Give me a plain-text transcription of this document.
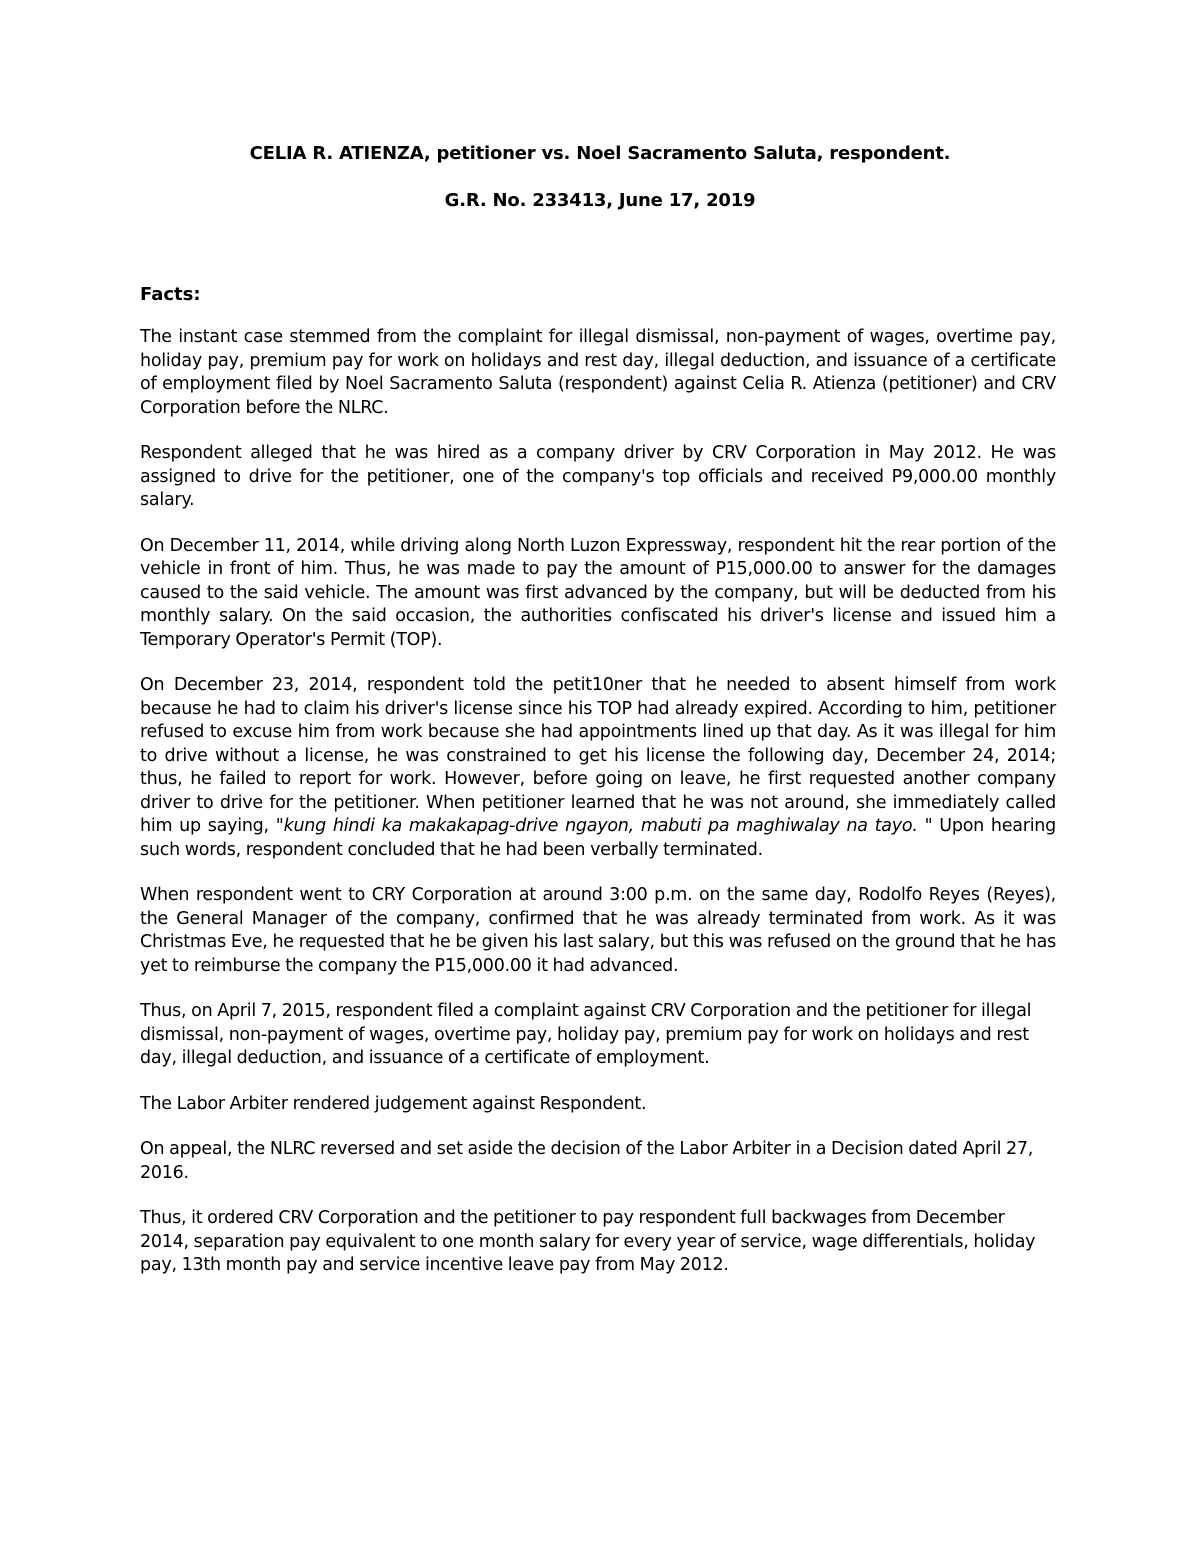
CELIA R. ATIENZA, petitioner vs. Noel Sacramento Saluta, respondent.
G.R. No. 233413, June 17, 2019
Facts:

The instant case stemmed from the complaint for illegal dismissal, non-payment of wages, overtime pay, holiday pay, premium pay for work on holidays and rest day, illegal deduction, and issuance of a certificate of employment filed by Noel Sacramento Saluta (respondent) against Celia R. Atienza (petitioner) and CRV Corporation before the NLRC.

Respondent alleged that he was hired as a company driver by CRV Corporation in May 2012. He was assigned to drive for the petitioner, one of the company's top officials and received P9,000.00 monthly salary.

On December 11, 2014, while driving along North Luzon Expressway, respondent hit the rear portion of the vehicle in front of him. Thus, he was made to pay the amount of P15,000.00 to answer for the damages caused to the said vehicle. The amount was first advanced by the company, but will be deducted from his monthly salary. On the said occasion, the authorities confiscated his driver's license and issued him a Temporary Operator's Permit (TOP).

On December 23, 2014, respondent told the petit10ner that he needed to absent himself from work because he had to claim his driver's license since his TOP had already expired. According to him, petitioner refused to excuse him from work because she had appointments lined up that day. As it was illegal for him to drive without a license, he was constrained to get his license the following day, December 24, 2014; thus, he failed to report for work. However, before going on leave, he first requested another company driver to drive for the petitioner. When petitioner learned that he was not around, she immediately called him up saying, "kung hindi ka makakapag-drive ngayon, mabuti pa maghiwalay na tayo. " Upon hearing such words, respondent concluded that he had been verbally terminated.

When respondent went to CRY Corporation at around 3:00 p.m. on the same day, Rodolfo Reyes (Reyes), the General Manager of the company, confirmed that he was already terminated from work. As it was Christmas Eve, he requested that he be given his last salary, but this was refused on the ground that he has yet to reimburse the company the P15,000.00 it had advanced.

Thus, on April 7, 2015, respondent filed a complaint against CRV Corporation and the petitioner for illegal dismissal, non-payment of wages, overtime pay, holiday pay, premium pay for work on holidays and rest day, illegal deduction, and issuance of a certificate of employment.

The Labor Arbiter rendered judgement against Respondent.

On appeal, the NLRC reversed and set aside the decision of the Labor Arbiter in a Decision dated April 27, 2016.

Thus, it ordered CRV Corporation and the petitioner to pay respondent full backwages from December 2014, separation pay equivalent to one month salary for every year of service, wage differentials, holiday pay, 13th month pay and service incentive leave pay from May 2012.
